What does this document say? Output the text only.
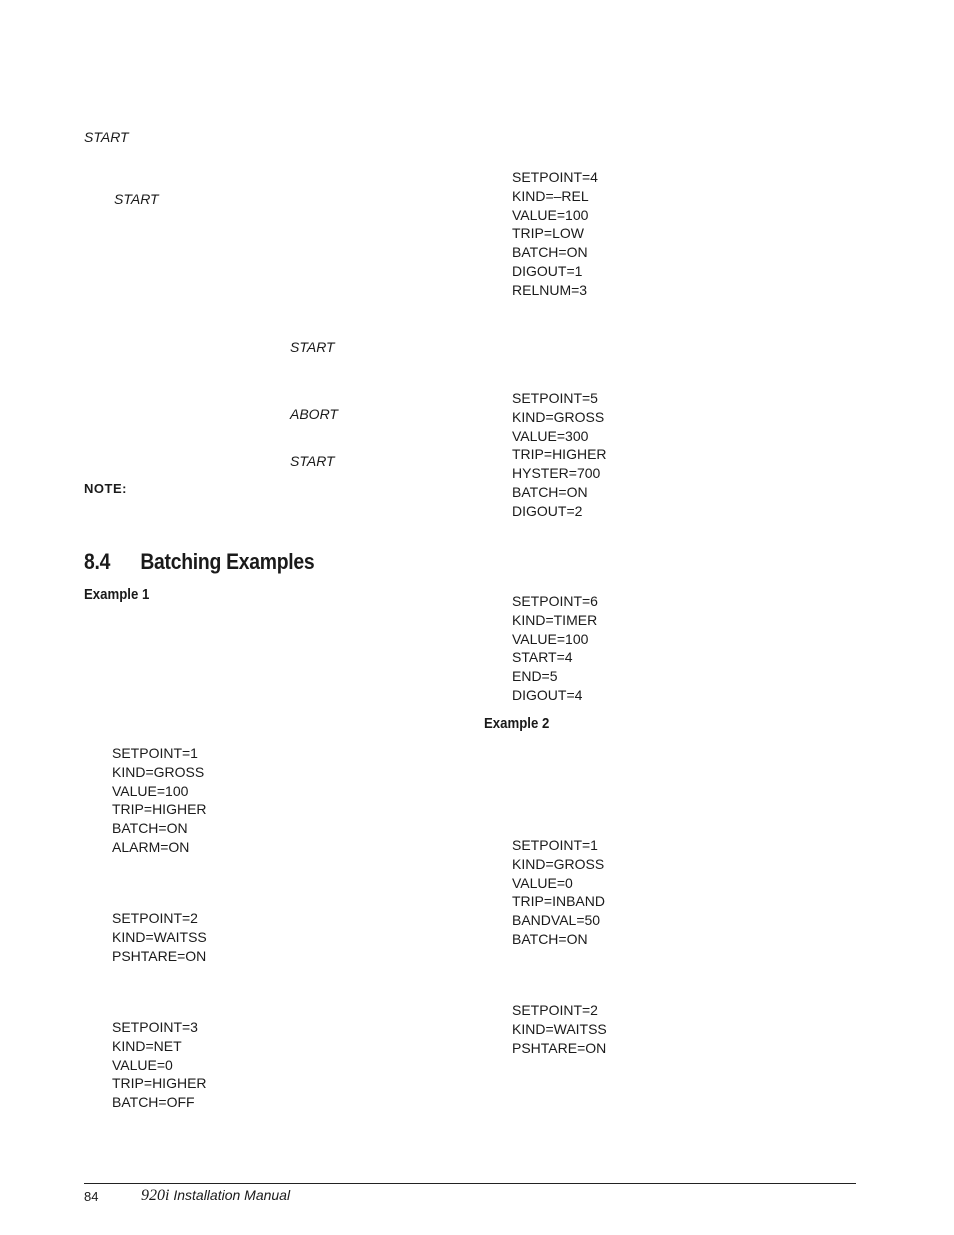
START
START
START
ABORT
START
NOTE:
8.4 Batching Examples
Example 1
SETPOINT=1
KIND=GROSS
VALUE=100
TRIP=HIGHER
BATCH=ON
ALARM=ON
SETPOINT=2
KIND=WAITSS
PSHTARE=ON
SETPOINT=3
KIND=NET
VALUE=0
TRIP=HIGHER
BATCH=OFF
SETPOINT=4
KIND=–REL
VALUE=100
TRIP=LOW
BATCH=ON
DIGOUT=1
RELNUM=3
SETPOINT=5
KIND=GROSS
VALUE=300
TRIP=HIGHER
HYSTER=700
BATCH=ON
DIGOUT=2
SETPOINT=6
KIND=TIMER
VALUE=100
START=4
END=5
DIGOUT=4
Example 2
SETPOINT=1
KIND=GROSS
VALUE=0
TRIP=INBAND
BANDVAL=50
BATCH=ON
SETPOINT=2
KIND=WAITSS
PSHTARE=ON
84	920i Installation Manual
